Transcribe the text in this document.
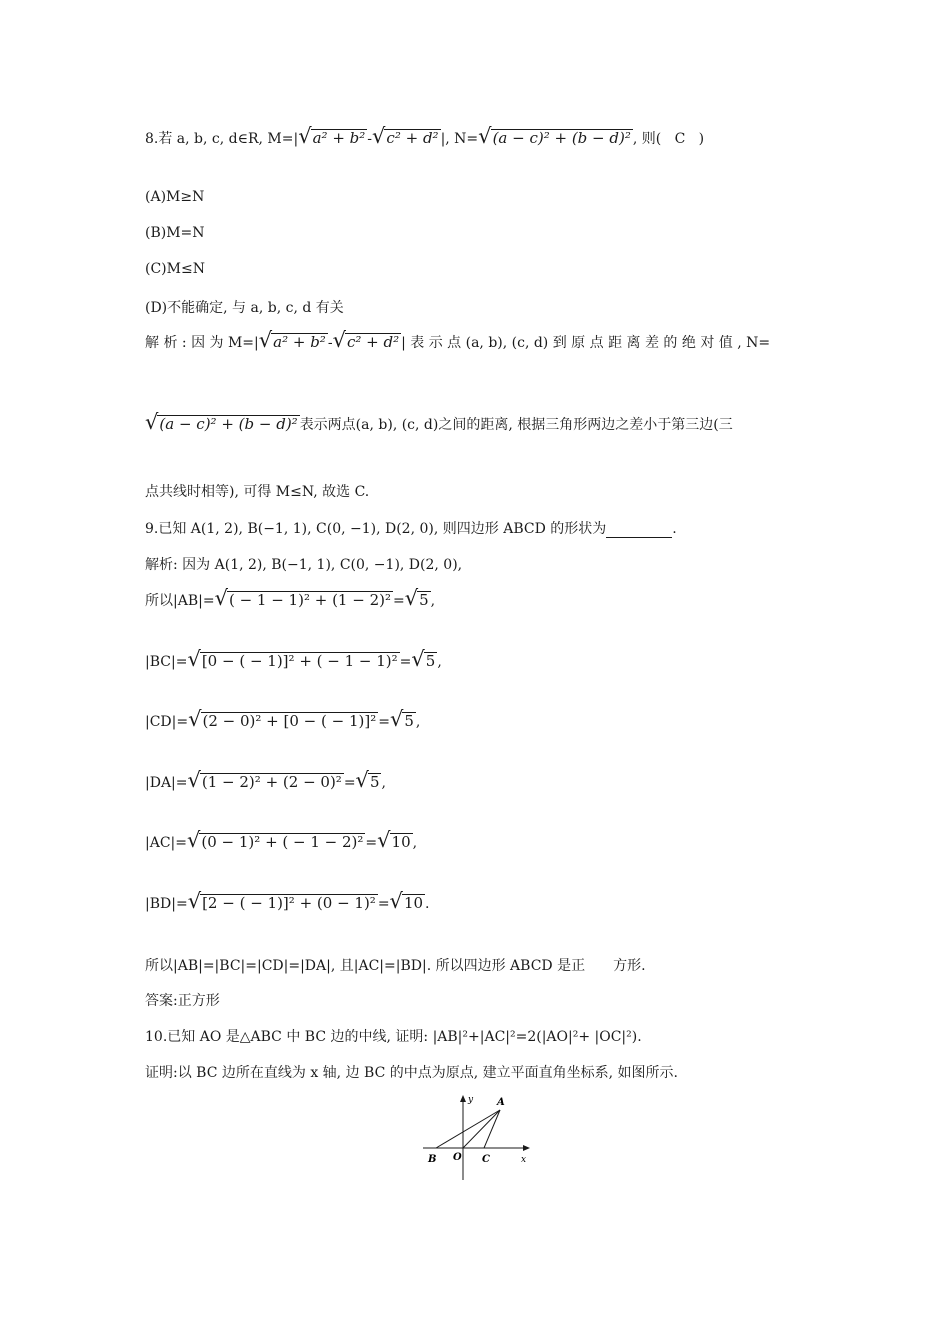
8.若 a, b, c, d∈R, M=| √ a² + b² - √ c² + d² |, N= √ (a − c)² + (b − d)² , 则( C )
(A)M≥N
(B)M=N
(C)M≤N
(D)不能确定, 与 a, b, c, d 有关
解 析 : 因 为 M=| √ a² + b² - √ c² + d² | 表 示 点 (a, b), (c, d) 到 原 点 距 离 差 的 绝 对 值 , N=
√ (a − c)² + (b − d)² 表示两点(a, b), (c, d)之间的距离, 根据三角形两边之差小于第三边(三
点共线时相等), 可得 M≤N, 故选 C.
9.已知 A(1, 2), B(−1, 1), C(0, −1), D(2, 0), 则四边形 ABCD 的形状为	.
解析: 因为 A(1, 2), B(−1, 1), C(0, −1), D(2, 0),
所以|AB|= √ ( − 1 − 1)² + (1 − 2)² = √ 5 ,
|BC|= √ [0 − ( − 1)]² + ( − 1 − 1)² = √ 5 ,
|CD|= √ (2 − 0)² + [0 − ( − 1)]² = √ 5 ,
|DA|= √ (1 − 2)² + (2 − 0)² = √ 5 ,
|AC|= √ (0 − 1)² + ( − 1 − 2)² = √ 10 ,
|BD|= √ [2 − ( − 1)]² + (0 − 1)² = √ 10 .
所以|AB|=|BC|=|CD|=|DA|, 且|AC|=|BD|. 所以四边形 ABCD 是正　　方形.
答案:正方形
10.已知 AO 是△ABC 中 BC 边的中线, 证明: |AB|²+|AC|²=2(|AO|²+ |OC|²).
证明:以 BC 边所在直线为 x 轴, 边 BC 的中点为原点, 建立平面直角坐标系, 如图所示.
y A
B O C	x
